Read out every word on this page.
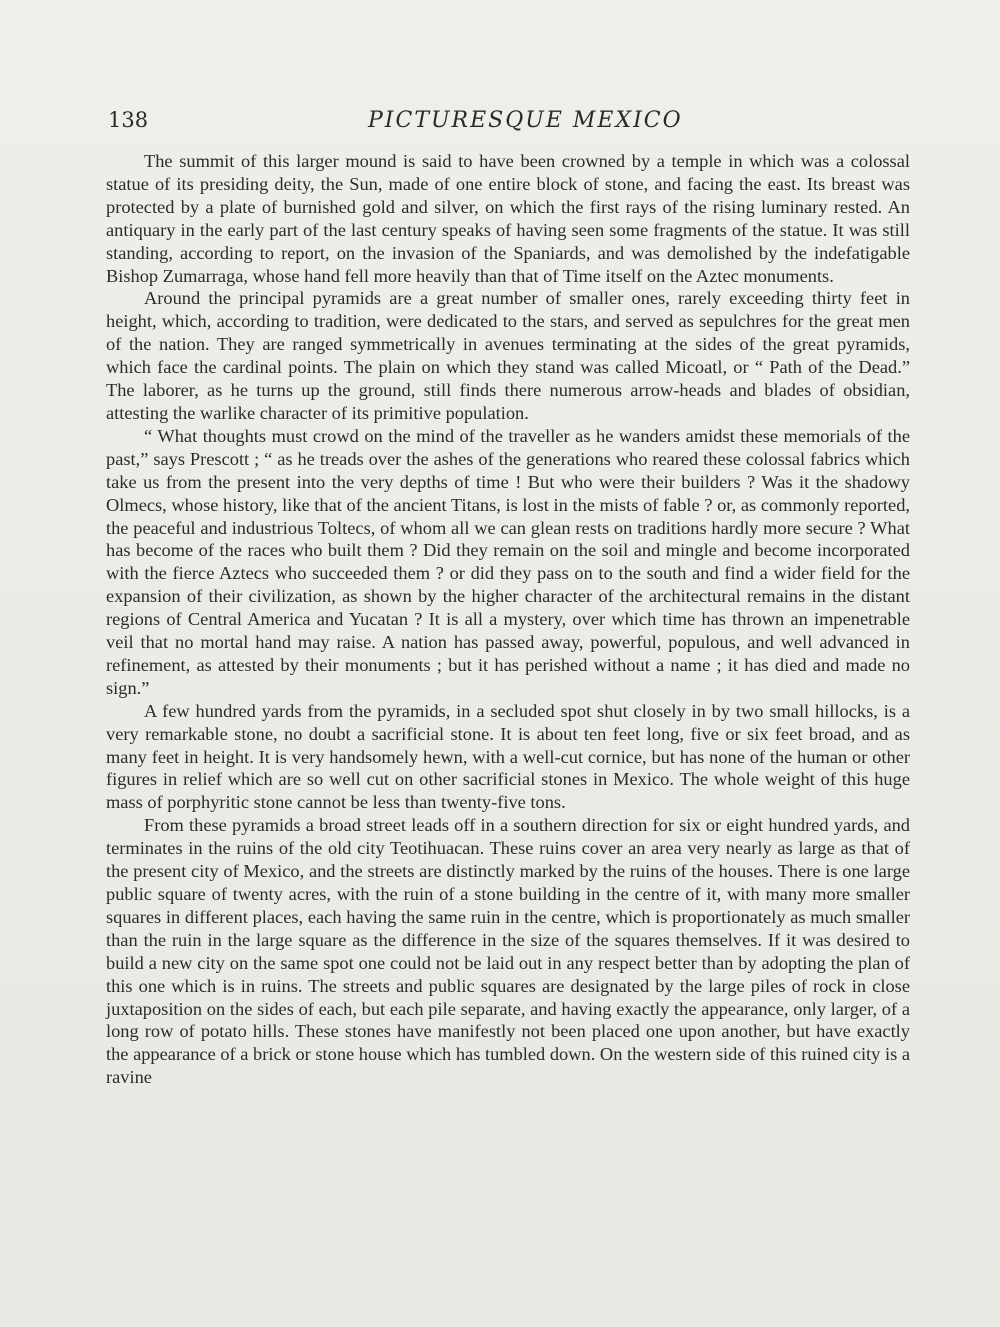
138	PICTURESQUE MEXICO

The summit of this larger mound is said to have been crowned by a temple in which was a colossal statue of its presiding deity, the Sun, made of one entire block of stone, and facing the east. Its breast was protected by a plate of burnished gold and silver, on which the first rays of the rising luminary rested. An antiquary in the early part of the last century speaks of having seen some fragments of the statue. It was still standing, according to report, on the invasion of the Spaniards, and was demolished by the indefatigable Bishop Zumarraga, whose hand fell more heavily than that of Time itself on the Aztec monuments.

Around the principal pyramids are a great number of smaller ones, rarely exceeding thirty feet in height, which, according to tradition, were dedicated to the stars, and served as sepulchres for the great men of the nation. They are ranged symmetrically in avenues terminating at the sides of the great pyramids, which face the cardinal points. The plain on which they stand was called Micoatl, or “ Path of the Dead.” The laborer, as he turns up the ground, still finds there numerous arrow-heads and blades of obsidian, attesting the warlike character of its primitive population.

“ What thoughts must crowd on the mind of the traveller as he wanders amidst these memorials of the past,” says Prescott ; “ as he treads over the ashes of the generations who reared these colossal fabrics which take us from the present into the very depths of time ! But who were their builders ? Was it the shadowy Olmecs, whose history, like that of the ancient Titans, is lost in the mists of fable ? or, as commonly reported, the peaceful and industrious Toltecs, of whom all we can glean rests on traditions hardly more secure ? What has become of the races who built them ? Did they remain on the soil and mingle and become incorporated with the fierce Aztecs who succeeded them ? or did they pass on to the south and find a wider field for the expansion of their civilization, as shown by the higher character of the architectural remains in the distant regions of Central America and Yucatan ? It is all a mystery, over which time has thrown an impenetrable veil that no mortal hand may raise. A nation has passed away, powerful, populous, and well advanced in refinement, as attested by their monuments ; but it has perished without a name ; it has died and made no sign.”

A few hundred yards from the pyramids, in a secluded spot shut closely in by two small hillocks, is a very remarkable stone, no doubt a sacrificial stone. It is about ten feet long, five or six feet broad, and as many feet in height. It is very handsomely hewn, with a well-cut cornice, but has none of the human or other figures in relief which are so well cut on other sacrificial stones in Mexico. The whole weight of this huge mass of porphyritic stone cannot be less than twenty-five tons.

From these pyramids a broad street leads off in a southern direction for six or eight hundred yards, and terminates in the ruins of the old city Teotihuacan. These ruins cover an area very nearly as large as that of the present city of Mexico, and the streets are distinctly marked by the ruins of the houses. There is one large public square of twenty acres, with the ruin of a stone building in the centre of it, with many more smaller squares in different places, each having the same ruin in the centre, which is proportionately as much smaller than the ruin in the large square as the difference in the size of the squares themselves. If it was desired to build a new city on the same spot one could not be laid out in any respect better than by adopting the plan of this one which is in ruins. The streets and public squares are designated by the large piles of rock in close juxtaposition on the sides of each, but each pile separate, and having exactly the appearance, only larger, of a long row of potato hills. These stones have manifestly not been placed one upon another, but have exactly the appearance of a brick or stone house which has tumbled down. On the western side of this ruined city is a ravine
